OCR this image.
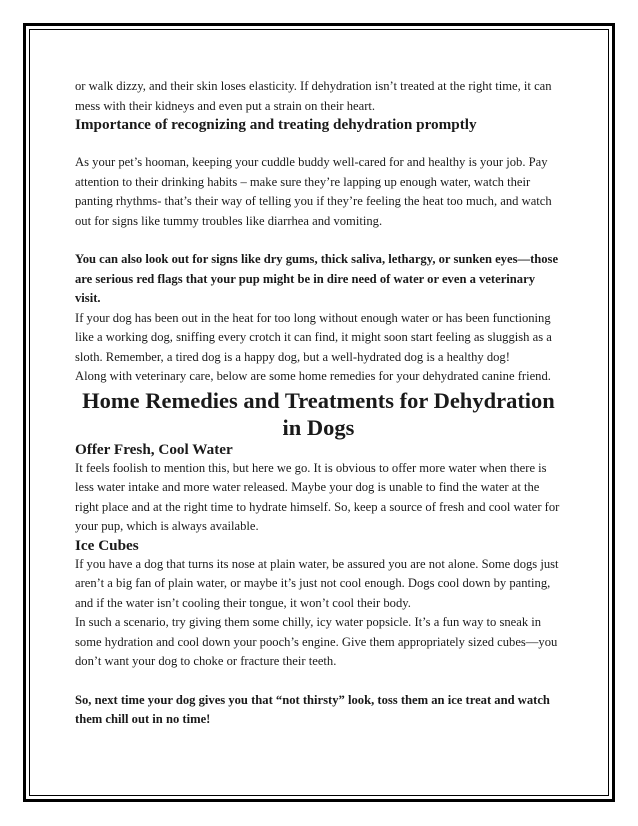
or walk dizzy, and their skin loses elasticity. If dehydration isn’t treated at the right time, it can mess with their kidneys and even put a strain on their heart.

Importance of recognizing and treating dehydration promptly

As your pet’s hooman, keeping your cuddle buddy well-cared for and healthy is your job. Pay attention to their drinking habits – make sure they’re lapping up enough water, watch their panting rhythms- that’s their way of telling you if they’re feeling the heat too much, and watch out for signs like tummy troubles like diarrhea and vomiting.

You can also look out for signs like dry gums, thick saliva, lethargy, or sunken eyes—those are serious red flags that your pup might be in dire need of water or even a veterinary visit.

If your dog has been out in the heat for too long without enough water or has been functioning like a working dog, sniffing every crotch it can find, it might soon start feeling as sluggish as a sloth. Remember, a tired dog is a happy dog, but a well-hydrated dog is a healthy dog!

Along with veterinary care, below are some home remedies for your dehydrated canine friend.

Home Remedies and Treatments for Dehydration in Dogs
Offer Fresh, Cool Water

It feels foolish to mention this, but here we go. It is obvious to offer more water when there is less water intake and more water released. Maybe your dog is unable to find the water at the right place and at the right time to hydrate himself. So, keep a source of fresh and cool water for your pup, which is always available.

Ice Cubes

If you have a dog that turns its nose at plain water, be assured you are not alone. Some dogs just aren’t a big fan of plain water, or maybe it’s just not cool enough. Dogs cool down by panting, and if the water isn’t cooling their tongue, it won’t cool their body.

In such a scenario, try giving them some chilly, icy water popsicle. It’s a fun way to sneak in some hydration and cool down your pooch’s engine. Give them appropriately sized cubes—you don’t want your dog to choke or fracture their teeth.

So, next time your dog gives you that “not thirsty” look, toss them an ice treat and watch them chill out in no time!
